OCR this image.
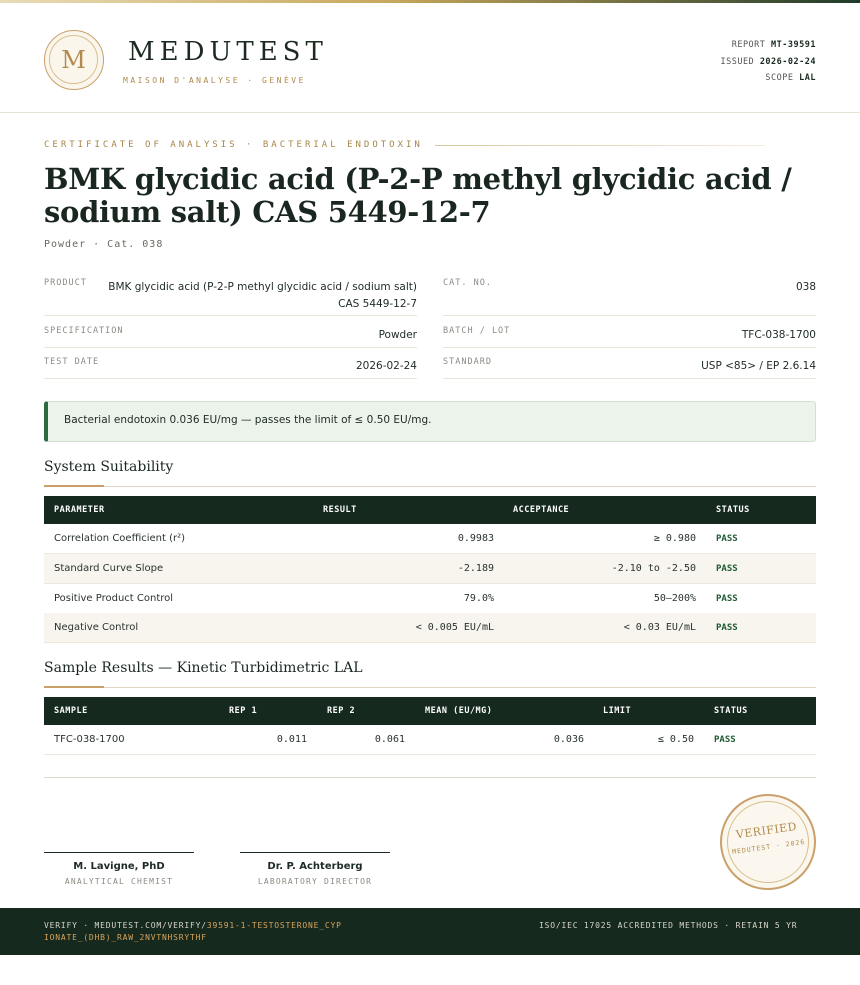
M	MEDUTEST
MAISON D'ANALYSE · GENÈVE
REPORT MT-39591
ISSUED 2026-02-24
SCOPE LAL
CERTIFICATE OF ANALYSIS · BACTERIAL ENDOTOXIN
BMK glycidic acid (P-2-P methyl glycidic acid / sodium salt) CAS 5449-12-7
Powder · Cat. 038
PRODUCT BMK glycidic acid (P-2-P methyl glycidic acid / sodium salt)
CAS 5449-12-7
CAT. NO.	038
SPECIFICATION	Powder	BATCH / LOT	TFC-038-1700
TEST DATE	2026-02-24	STANDARD	USP <85> / EP 2.6.14
Bacterial endotoxin 0.036 EU/mg — passes the limit of ≤ 0.50 EU/mg.
System Suitability
PARAMETER	RESULT	ACCEPTANCE	STATUS
Correlation Coefficient (r²)	0.9983	≥ 0.980 PASS
Standard Curve Slope	-2.189	-2.10 to -2.50 PASS
Positive Product Control	79.0%	50–200% PASS
Negative Control	< 0.005 EU/mL	< 0.03 EU/mL PASS
Sample Results — Kinetic Turbidimetric LAL
SAMPLE	REP 1	REP 2	MEAN (EU/MG)	LIMIT	STATUS
TFC-038-1700	0.011	0.061	0.036	≤ 0.50 PASS
M. Lavigne, PhD
ANALYTICAL CHEMIST
Dr. P. Achterberg
LABORATORY DIRECTOR
VERIFIED
MEDUTEST · 2026
VERIFY · MEDUTEST.COM/VERIFY/39591-1-TESTOSTERONE_CYPIONATE_(DHB)_RAW_2NVTNHSRYTHF
ISO/IEC 17025 ACCREDITED METHODS · RETAIN 5 YR
